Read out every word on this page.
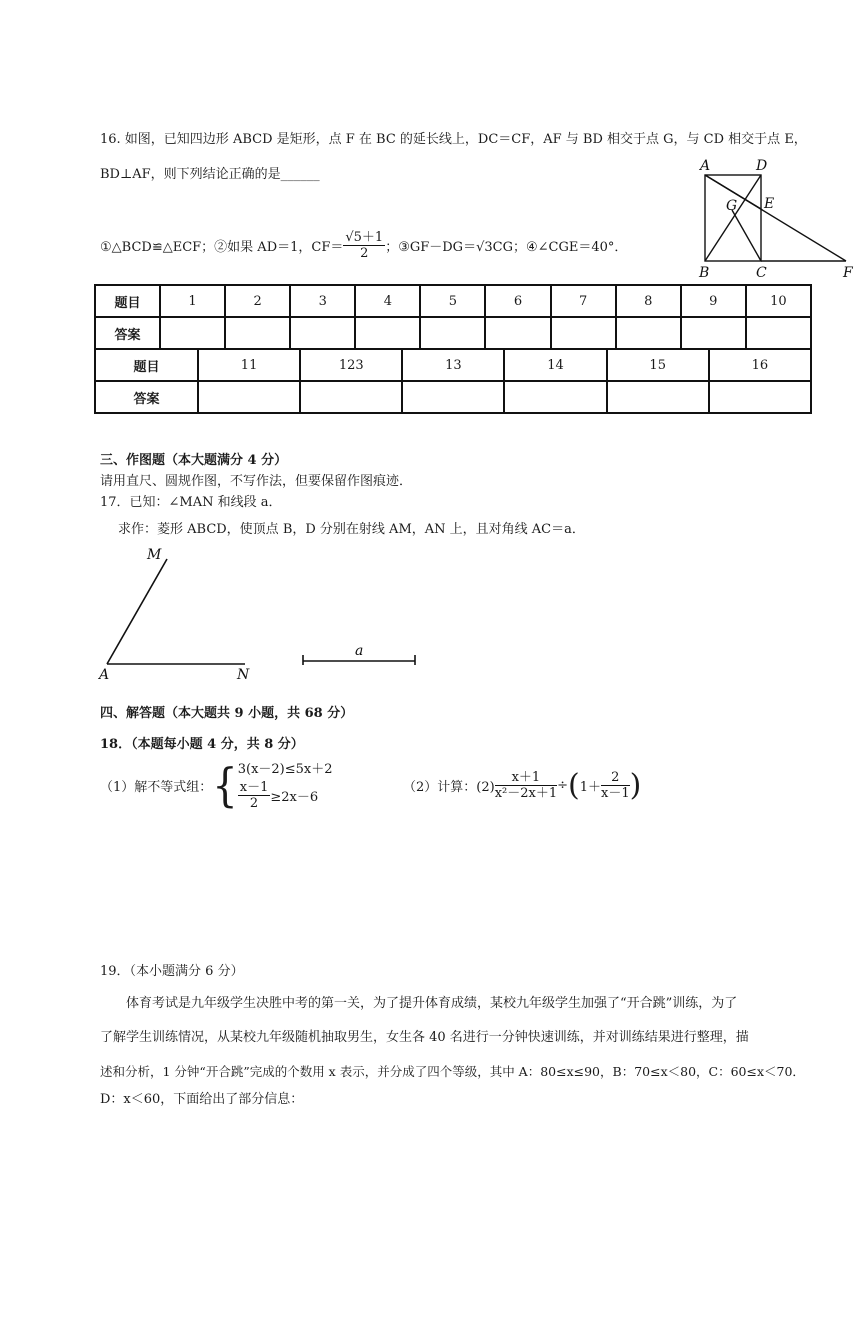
16. 如图，已知四边形 ABCD 是矩形，点 F 在 BC 的延长线上，DC＝CF，AF 与 BD 相交于点 G，与 CD 相交于点 E，
BD⊥AF，则下列结论正确的是______
①△BCD≌△ECF； ②如果 AD＝1，$CF= \frac{√5+1}{2}$ ； ③GF－DG＝√3CG； ④∠CGE＝40°．
A	D
G E
B	C	F
题目	1	2	3	4	5	6	7	8	9	10
答案										
题目	11	123	13	14	15	16
答案						
三、作图题（本大题满分 4 分）
请用直尺、圆规作图，不写作法，但要保留作图痕迹．
17．已知：∠MAN 和线段 a．
求作：菱形 ABCD，使顶点 B，D 分别在射线 AM，AN 上，且对角线 AC＝a．
M
A	N
a
四、解答题（本大题共 9 小题，共 68 分）
18．（本题每小题 4 分，共 8 分）
（1）解不等式组： { 3(x－2)≤5x＋2
$\frac{x-1}{2} \ge 2x-6$
（2）计算：$(2) \frac{x+1}{\text{x²－2x＋1}}$ ÷ ( $1+ \frac{2}{x-1}$ )
19．（本小题满分 6 分）
体育考试是九年级学生决胜中考的第一关，为了提升体育成绩，某校九年级学生加强了“开合跳”训练，为了
了解学生训练情况，从某校九年级随机抽取男生，女生各 40 名进行一分钟快速训练，并对训练结果进行整理，描
述和分析，1 分钟“开合跳”完成的个数用 x 表示，并分成了四个等级，其中 A：80≤x≤90，B：70≤x＜80，C：60≤x＜70．
D：x＜60，下面给出了部分信息：
